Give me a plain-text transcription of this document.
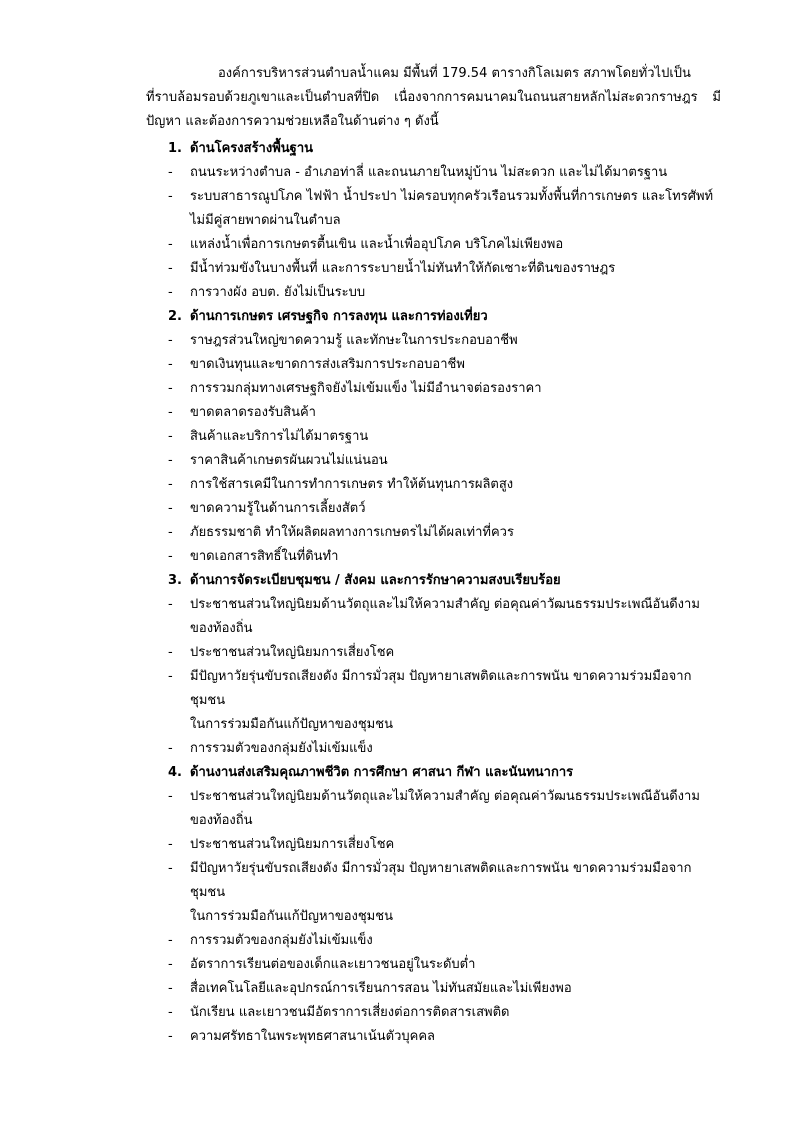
องค์การบริหารส่วนตำบลน้ำแคม มีพื้นที่ 179.54 ตารางกิโลเมตร สภาพโดยทั่วไปเป็น
ที่ราบล้อมรอบด้วยภูเขาและเป็นตำบลที่ปิด เนื่องจากการคมนาคมในถนนสายหลักไม่สะดวกราษฎร มีปัญหา และต้องการความช่วยเหลือในด้านต่าง ๆ ดังนี้
1. ด้านโครงสร้างพื้นฐาน
-	ถนนระหว่างตำบล - อำเภอท่าลี่ และถนนภายในหมู่บ้าน ไม่สะดวก และไม่ได้มาตรฐาน
-	ระบบสาธารณูปโภค ไฟฟ้า น้ำประปา ไม่ครอบทุกครัวเรือนรวมทั้งพื้นที่การเกษตร และโทรศัพท์ไม่มีคู่สายพาดผ่านในตำบล
-	แหล่งน้ำเพื่อการเกษตรตื้นเขิน และน้ำเพื่ออุปโภค บริโภคไม่เพียงพอ
-	มีน้ำท่วมขังในบางพื้นที่ และการระบายน้ำไม่ทันทำให้กัดเซาะที่ดินของราษฎร
-	การวางผัง อบต. ยังไม่เป็นระบบ
2. ด้านการเกษตร เศรษฐกิจ การลงทุน และการท่องเที่ยว
-	ราษฎรส่วนใหญ่ขาดความรู้ และทักษะในการประกอบอาชีพ
-	ขาดเงินทุนและขาดการส่งเสริมการประกอบอาชีพ
-	การรวมกลุ่มทางเศรษฐกิจยังไม่เข้มแข็ง ไม่มีอำนาจต่อรองราคา
-	ขาดตลาดรองรับสินค้า
-	สินค้าและบริการไม่ได้มาตรฐาน
-	ราคาสินค้าเกษตรผันผวนไม่แน่นอน
-	การใช้สารเคมีในการทำการเกษตร ทำให้ต้นทุนการผลิตสูง
-	ขาดความรู้ในด้านการเลี้ยงสัตว์
-	ภัยธรรมชาติ ทำให้ผลิตผลทางการเกษตรไม่ได้ผลเท่าที่ควร
-	ขาดเอกสารสิทธิ์ในที่ดินทำ
3. ด้านการจัดระเบียบชุมชน / สังคม และการรักษาความสงบเรียบร้อย
-	ประชาชนส่วนใหญ่นิยมด้านวัตถุและไม่ให้ความสำคัญ ต่อคุณค่าวัฒนธรรมประเพณีอันดีงามของท้องถิ่น
-	ประชาชนส่วนใหญ่นิยมการเสี่ยงโชค
-	มีปัญหาวัยรุ่นขับรถเสียงดัง มีการมั่วสุม ปัญหายาเสพติดและการพนัน ขาดความร่วมมือจาก ชุมชน
ในการร่วมมือกันแก้ปัญหาของชุมชน
-	การรวมตัวของกลุ่มยังไม่เข้มแข็ง
4. ด้านงานส่งเสริมคุณภาพชีวิต การศึกษา ศาสนา กีฬา และนันทนาการ
-	ประชาชนส่วนใหญ่นิยมด้านวัตถุและไม่ให้ความสำคัญ ต่อคุณค่าวัฒนธรรมประเพณีอันดีงามของท้องถิ่น
-	ประชาชนส่วนใหญ่นิยมการเสี่ยงโชค
-	มีปัญหาวัยรุ่นขับรถเสียงดัง มีการมั่วสุม ปัญหายาเสพติดและการพนัน ขาดความร่วมมือจากชุมชน
ในการร่วมมือกันแก้ปัญหาของชุมชน
-	การรวมตัวของกลุ่มยังไม่เข้มแข็ง
-	อัตราการเรียนต่อของเด็กและเยาวชนอยู่ในระดับต่ำ
-	สื่อเทคโนโลยีและอุปกรณ์การเรียนการสอน ไม่ทันสมัยและไม่เพียงพอ
-	นักเรียน และเยาวชนมีอัตราการเสี่ยงต่อการติดสารเสพติด
-	ความศรัทธาในพระพุทธศาสนาเน้นตัวบุคคล
